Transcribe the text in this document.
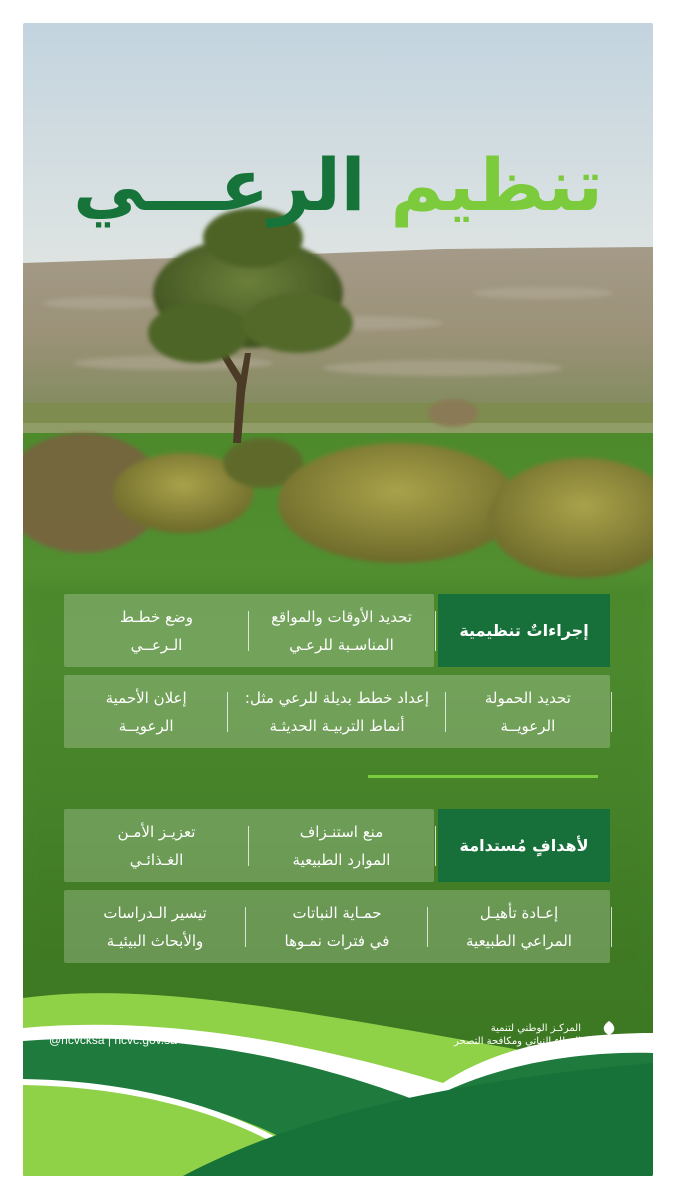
تنظيم الرعـــي
إجراءاتٌ تنظيمية
تحديد الأوقات والمواقع
المناسـبة للرعـي
وضع خطـط
الـرعــي
تحديد الحمولة
الرعويــة
إعداد خطط بديلة للرعي مثل:
أنماط التربيـة الحديثـة
إعلان الأحمية
الرعويــة
لأهدافٍ مُستدامة
منع استنـزاف
الموارد الطبيعية
تعزيـز الأمـن
الغـذائـي
إعـادة تأهيـل
المراعي الطبيعية
حمـاية النباتات
في فترات نمـوها
تيسير الـدراسات
والأبحاث البيئيـة
@ncvcksa | ncvc.gov.sa
المركـز الوطني لتنمية
الغطاء النباتي ومكافحة التصحر
